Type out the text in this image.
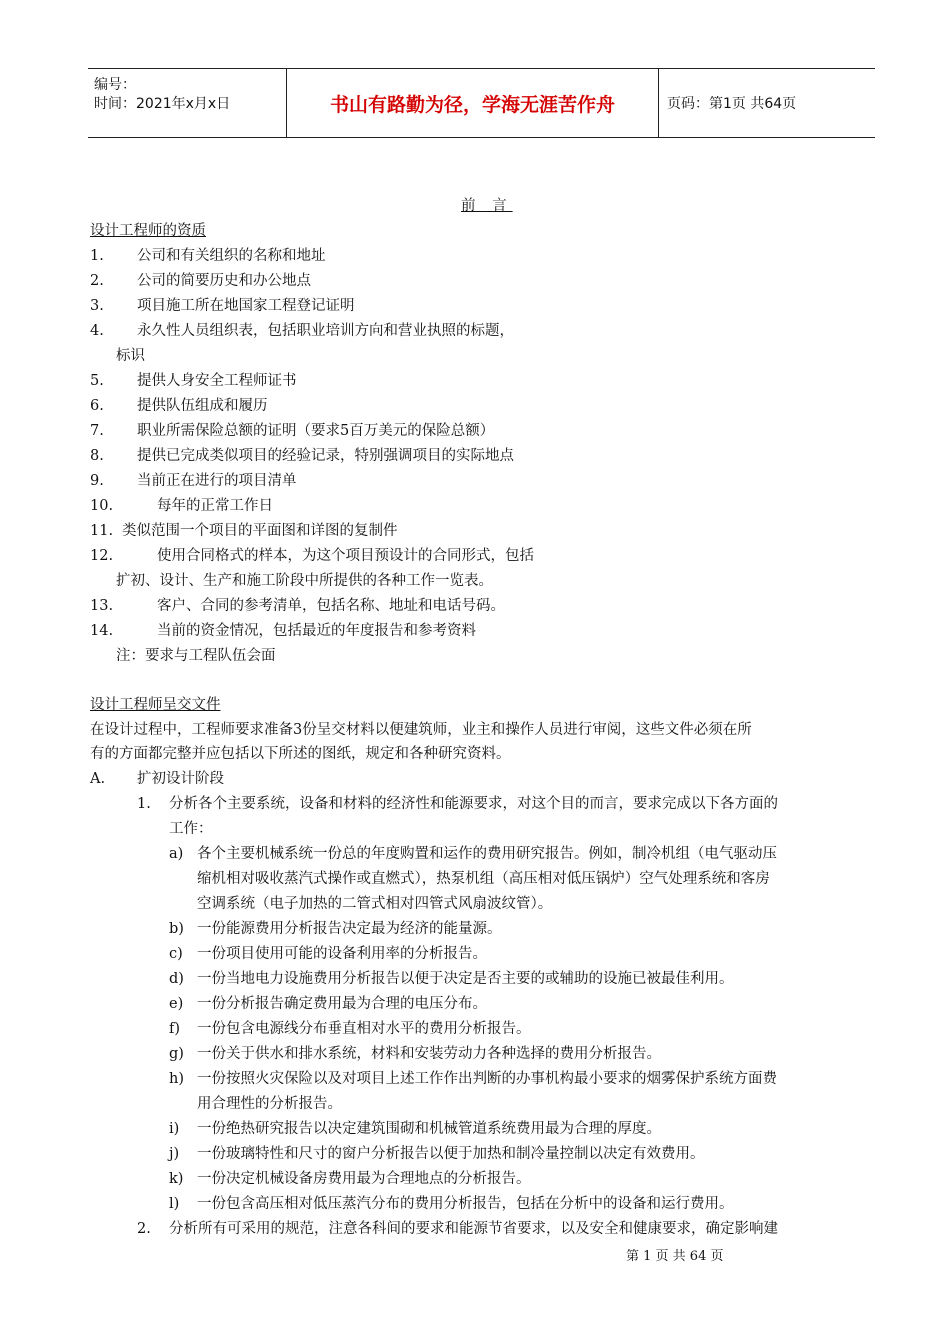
编号：
时间：2021年x月x日	书山有路勤为径，学海无涯苦作舟	页码：第1页 共64页
前 言
设计工程师的资质
1. 公司和有关组织的名称和地址
2. 公司的简要历史和办公地点
3. 项目施工所在地国家工程登记证明
4. 永久性人员组织表，包括职业培训方向和营业执照的标题，
标识
5. 提供人身安全工程师证书
6. 提供队伍组成和履历
7. 职业所需保险总额的证明（要求5百万美元的保险总额）
8. 提供已完成类似项目的经验记录，特别强调项目的实际地点
9. 当前正在进行的项目清单
10.	每年的正常工作日
11. 类似范围一个项目的平面图和详图的复制件
12.	使用合同格式的样本，为这个项目预设计的合同形式，包括
扩初、设计、生产和施工阶段中所提供的各种工作一览表。
13.	客户、合同的参考清单，包括名称、地址和电话号码。
14.	当前的资金情况，包括最近的年度报告和参考资料
注：要求与工程队伍会面
设计工程师呈交文件
在设计过程中，工程师要求准备3份呈交材料以便建筑师，业主和操作人员进行审阅，这些文件必须在所
有的方面都完整并应包括以下所述的图纸，规定和各种研究资料。
A. 扩初设计阶段
1. 分析各个主要系统，设备和材料的经济性和能源要求，对这个目的而言，要求完成以下各方面的
工作：
a) 各个主要机械系统一份总的年度购置和运作的费用研究报告。例如，制冷机组（电气驱动压
缩机相对吸收蒸汽式操作或直燃式），热泵机组（高压相对低压锅炉）空气处理系统和客房
空调系统（电子加热的二管式相对四管式风扇波纹管）。
b) 一份能源费用分析报告决定最为经济的能量源。
c) 一份项目使用可能的设备利用率的分析报告。
d) 一份当地电力设施费用分析报告以便于决定是否主要的或辅助的设施已被最佳利用。
e) 一份分析报告确定费用最为合理的电压分布。
f) 一份包含电源线分布垂直相对水平的费用分析报告。
g) 一份关于供水和排水系统，材料和安装劳动力各种选择的费用分析报告。
h) 一份按照火灾保险以及对项目上述工作作出判断的办事机构最小要求的烟雾保护系统方面费
用合理性的分析报告。
i) 一份绝热研究报告以决定建筑围砌和机械管道系统费用最为合理的厚度。
j) 一份玻璃特性和尺寸的窗户分析报告以便于加热和制冷量控制以决定有效费用。
k) 一份决定机械设备房费用最为合理地点的分析报告。
l) 一份包含高压相对低压蒸汽分布的费用分析报告，包括在分析中的设备和运行费用。
2. 分析所有可采用的规范，注意各科间的要求和能源节省要求，以及安全和健康要求，确定影响建
第 1 页 共 64 页
